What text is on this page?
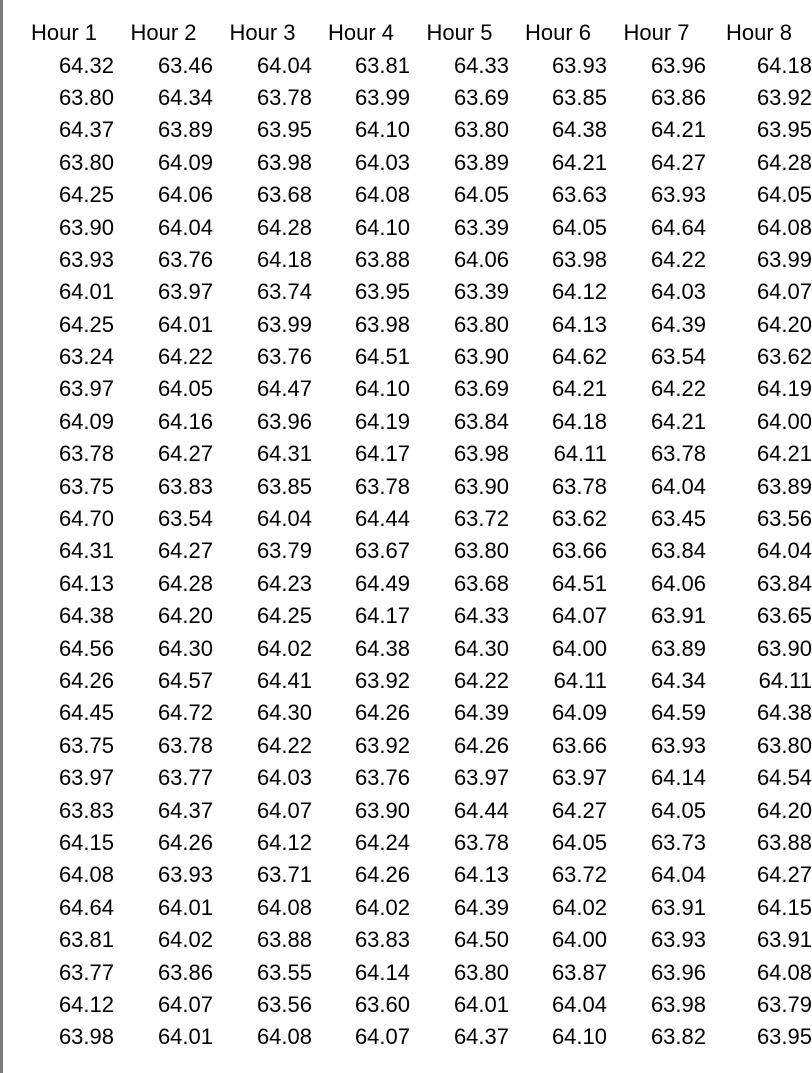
Hour 1	Hour 2	Hour 3	Hour 4	Hour 5	Hour 6	Hour 7	Hour 8
64.32	63.46	64.04	63.81	64.33	63.93	63.96	64.18
63.80	64.34	63.78	63.99	63.69	63.85	63.86	63.92
64.37	63.89	63.95	64.10	63.80	64.38	64.21	63.95
63.80	64.09	63.98	64.03	63.89	64.21	64.27	64.28
64.25	64.06	63.68	64.08	64.05	63.63	63.93	64.05
63.90	64.04	64.28	64.10	63.39	64.05	64.64	64.08
63.93	63.76	64.18	63.88	64.06	63.98	64.22	63.99
64.01	63.97	63.74	63.95	63.39	64.12	64.03	64.07
64.25	64.01	63.99	63.98	63.80	64.13	64.39	64.20
63.24	64.22	63.76	64.51	63.90	64.62	63.54	63.62
63.97	64.05	64.47	64.10	63.69	64.21	64.22	64.19
64.09	64.16	63.96	64.19	63.84	64.18	64.21	64.00
63.78	64.27	64.31	64.17	63.98	64.11	63.78	64.21
63.75	63.83	63.85	63.78	63.90	63.78	64.04	63.89
64.70	63.54	64.04	64.44	63.72	63.62	63.45	63.56
64.31	64.27	63.79	63.67	63.80	63.66	63.84	64.04
64.13	64.28	64.23	64.49	63.68	64.51	64.06	63.84
64.38	64.20	64.25	64.17	64.33	64.07	63.91	63.65
64.56	64.30	64.02	64.38	64.30	64.00	63.89	63.90
64.26	64.57	64.41	63.92	64.22	64.11	64.34	64.11
64.45	64.72	64.30	64.26	64.39	64.09	64.59	64.38
63.75	63.78	64.22	63.92	64.26	63.66	63.93	63.80
63.97	63.77	64.03	63.76	63.97	63.97	64.14	64.54
63.83	64.37	64.07	63.90	64.44	64.27	64.05	64.20
64.15	64.26	64.12	64.24	63.78	64.05	63.73	63.88
64.08	63.93	63.71	64.26	64.13	63.72	64.04	64.27
64.64	64.01	64.08	64.02	64.39	64.02	63.91	64.15
63.81	64.02	63.88	63.83	64.50	64.00	63.93	63.91
63.77	63.86	63.55	64.14	63.80	63.87	63.96	64.08
64.12	64.07	63.56	63.60	64.01	64.04	63.98	63.79
63.98	64.01	64.08	64.07	64.37	64.10	63.82	63.95
